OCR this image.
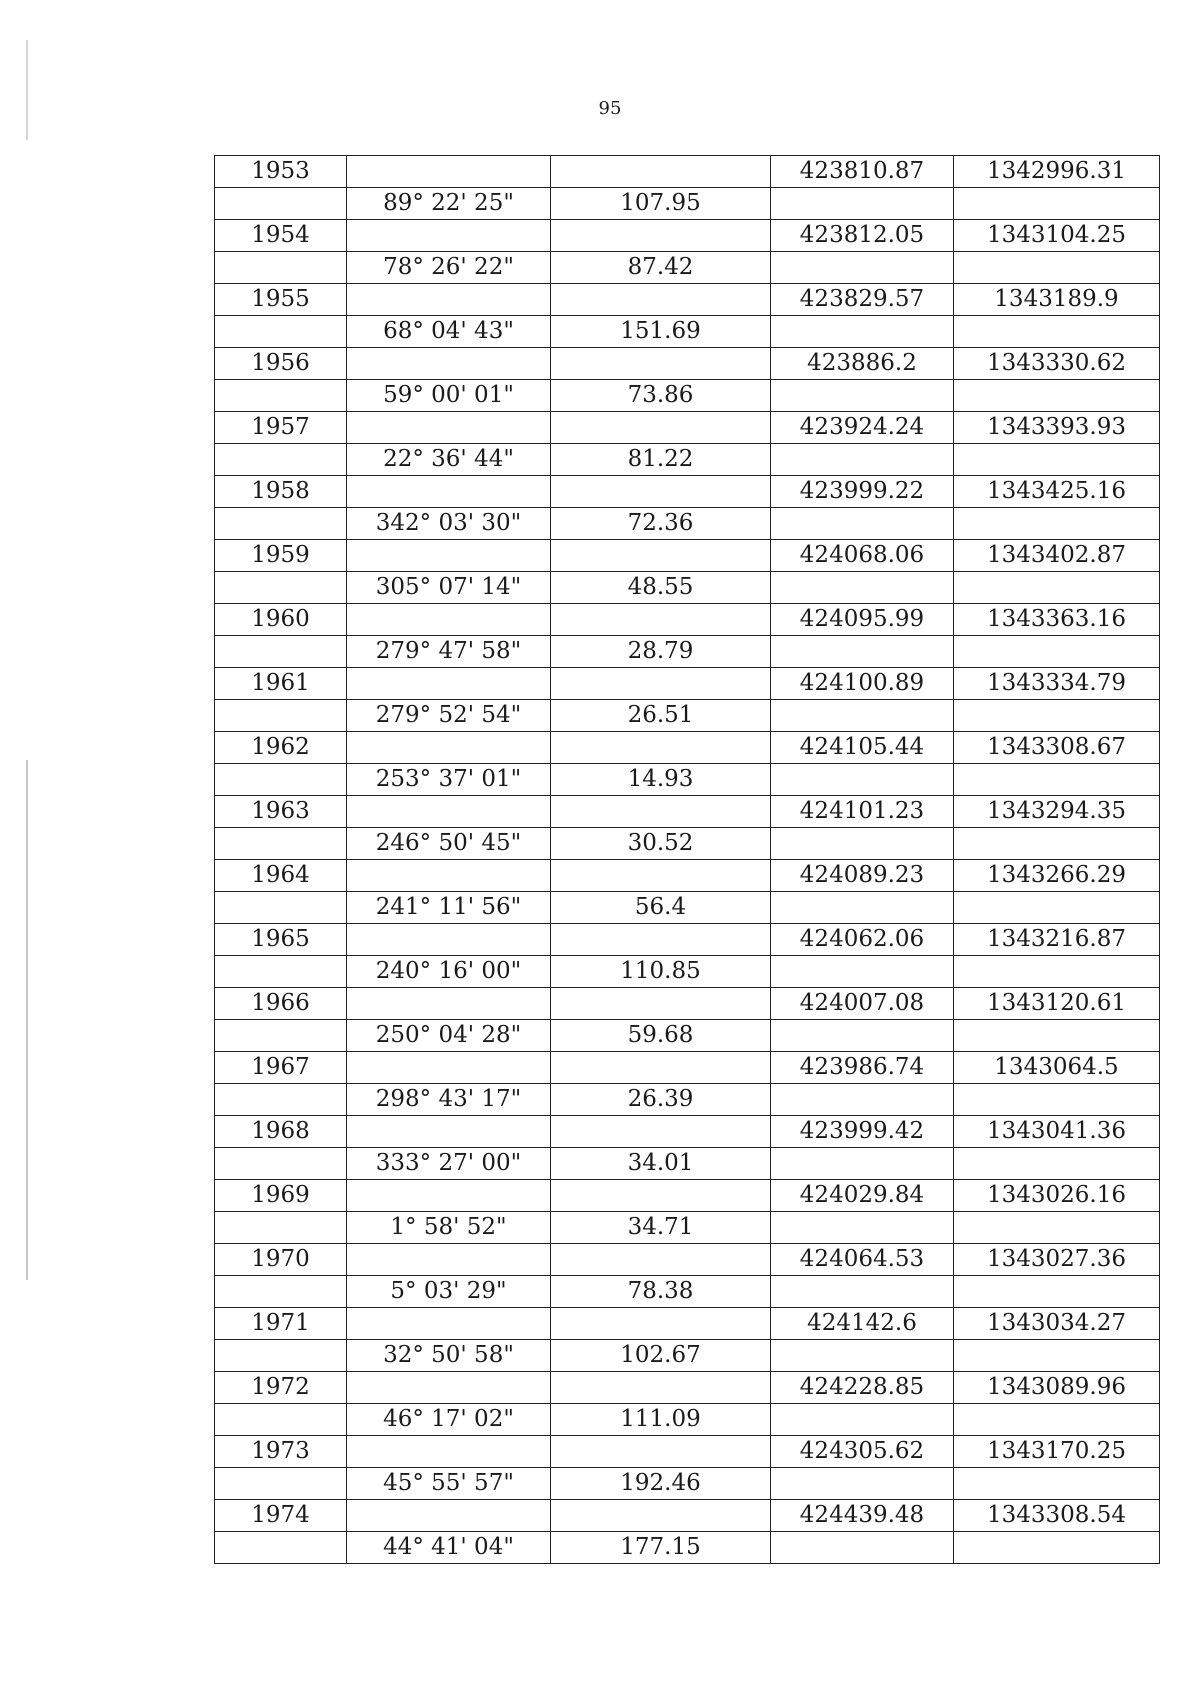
95
1953			423810.87	1342996.31
	89° 22' 25"	107.95		
1954			423812.05	1343104.25
	78° 26' 22"	87.42		
1955			423829.57	1343189.9
	68° 04' 43"	151.69		
1956			423886.2	1343330.62
	59° 00' 01"	73.86		
1957			423924.24	1343393.93
	22° 36' 44"	81.22		
1958			423999.22	1343425.16
	342° 03' 30"	72.36		
1959			424068.06	1343402.87
	305° 07' 14"	48.55		
1960			424095.99	1343363.16
	279° 47' 58"	28.79		
1961			424100.89	1343334.79
	279° 52' 54"	26.51		
1962			424105.44	1343308.67
	253° 37' 01"	14.93		
1963			424101.23	1343294.35
	246° 50' 45"	30.52		
1964			424089.23	1343266.29
	241° 11' 56"	56.4		
1965			424062.06	1343216.87
	240° 16' 00"	110.85		
1966			424007.08	1343120.61
	250° 04' 28"	59.68		
1967			423986.74	1343064.5
	298° 43' 17"	26.39		
1968			423999.42	1343041.36
	333° 27' 00"	34.01		
1969			424029.84	1343026.16
	1° 58' 52"	34.71		
1970			424064.53	1343027.36
	5° 03' 29"	78.38		
1971			424142.6	1343034.27
	32° 50' 58"	102.67		
1972			424228.85	1343089.96
	46° 17' 02"	111.09		
1973			424305.62	1343170.25
	45° 55' 57"	192.46		
1974			424439.48	1343308.54
	44° 41' 04"	177.15		
